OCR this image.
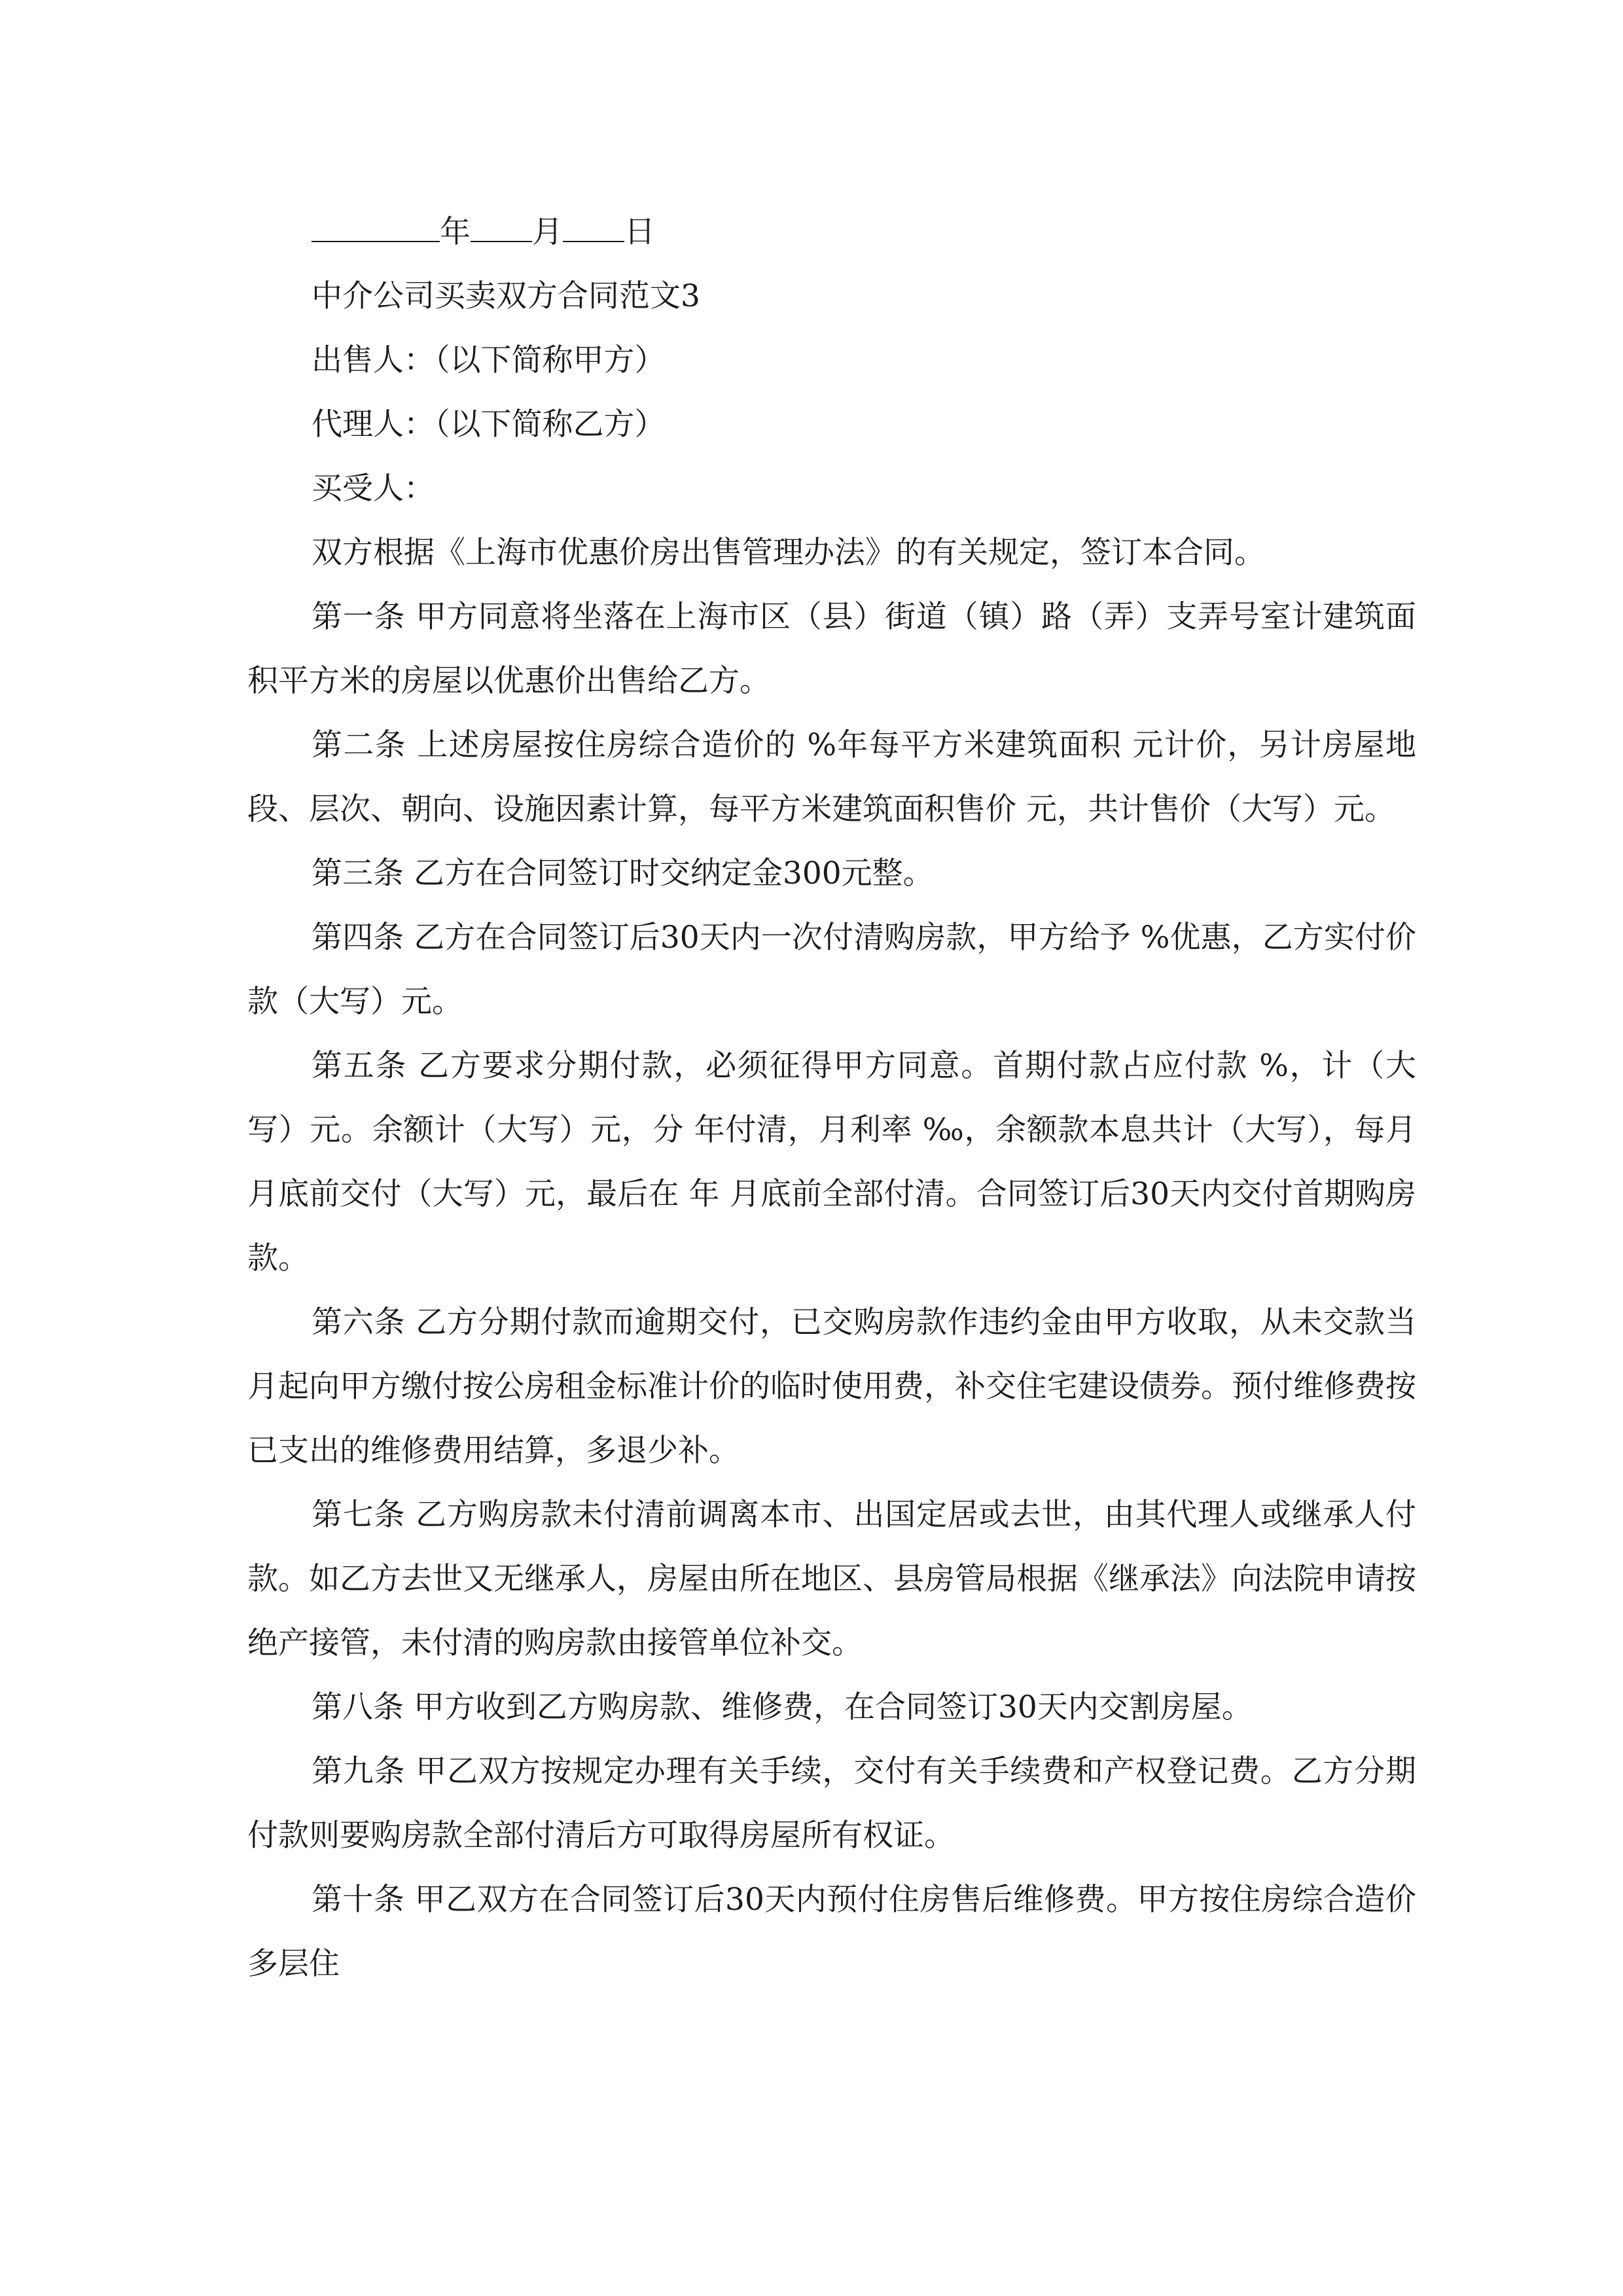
年 月 日
中介公司买卖双方合同范文3
出售人：（以下简称甲方）
代理人：（以下简称乙方）
买受人：
双方根据《上海市优惠价房出售管理办法》的有关规定，签订本合同。

第一条 甲方同意将坐落在上海市区（县）街道（镇）路（弄）支弄号室计建筑面积平方米的房屋以优惠价出售给乙方。

第二条 上述房屋按住房综合造价的 %年每平方米建筑面积 元计价，另计房屋地段、层次、朝向、设施因素计算，每平方米建筑面积售价 元，共计售价（大写）元。

第三条 乙方在合同签订时交纳定金300元整。

第四条 乙方在合同签订后30天内一次付清购房款，甲方给予 %优惠，乙方实付价款（大写）元。

第五条 乙方要求分期付款，必须征得甲方同意。首期付款占应付款 %，计（大写）元。余额计（大写）元，分 年付清，月利率 ‰，余额款本息共计（大写），每月月底前交付（大写）元，最后在 年 月底前全部付清。合同签订后30天内交付首期购房款。

第六条 乙方分期付款而逾期交付，已交购房款作违约金由甲方收取，从未交款当月起向甲方缴付按公房租金标准计价的临时使用费，补交住宅建设债券。预付维修费按已支出的维修费用结算，多退少补。

第七条 乙方购房款未付清前调离本市、出国定居或去世，由其代理人或继承人付款。如乙方去世又无继承人，房屋由所在地区、县房管局根据《继承法》向法院申请按绝产接管，未付清的购房款由接管单位补交。

第八条 甲方收到乙方购房款、维修费，在合同签订30天内交割房屋。

第九条 甲乙双方按规定办理有关手续，交付有关手续费和产权登记费。乙方分期付款则要购房款全部付清后方可取得房屋所有权证。

第十条 甲乙双方在合同签订后30天内预付住房售后维修费。甲方按住房综合造价多层住
